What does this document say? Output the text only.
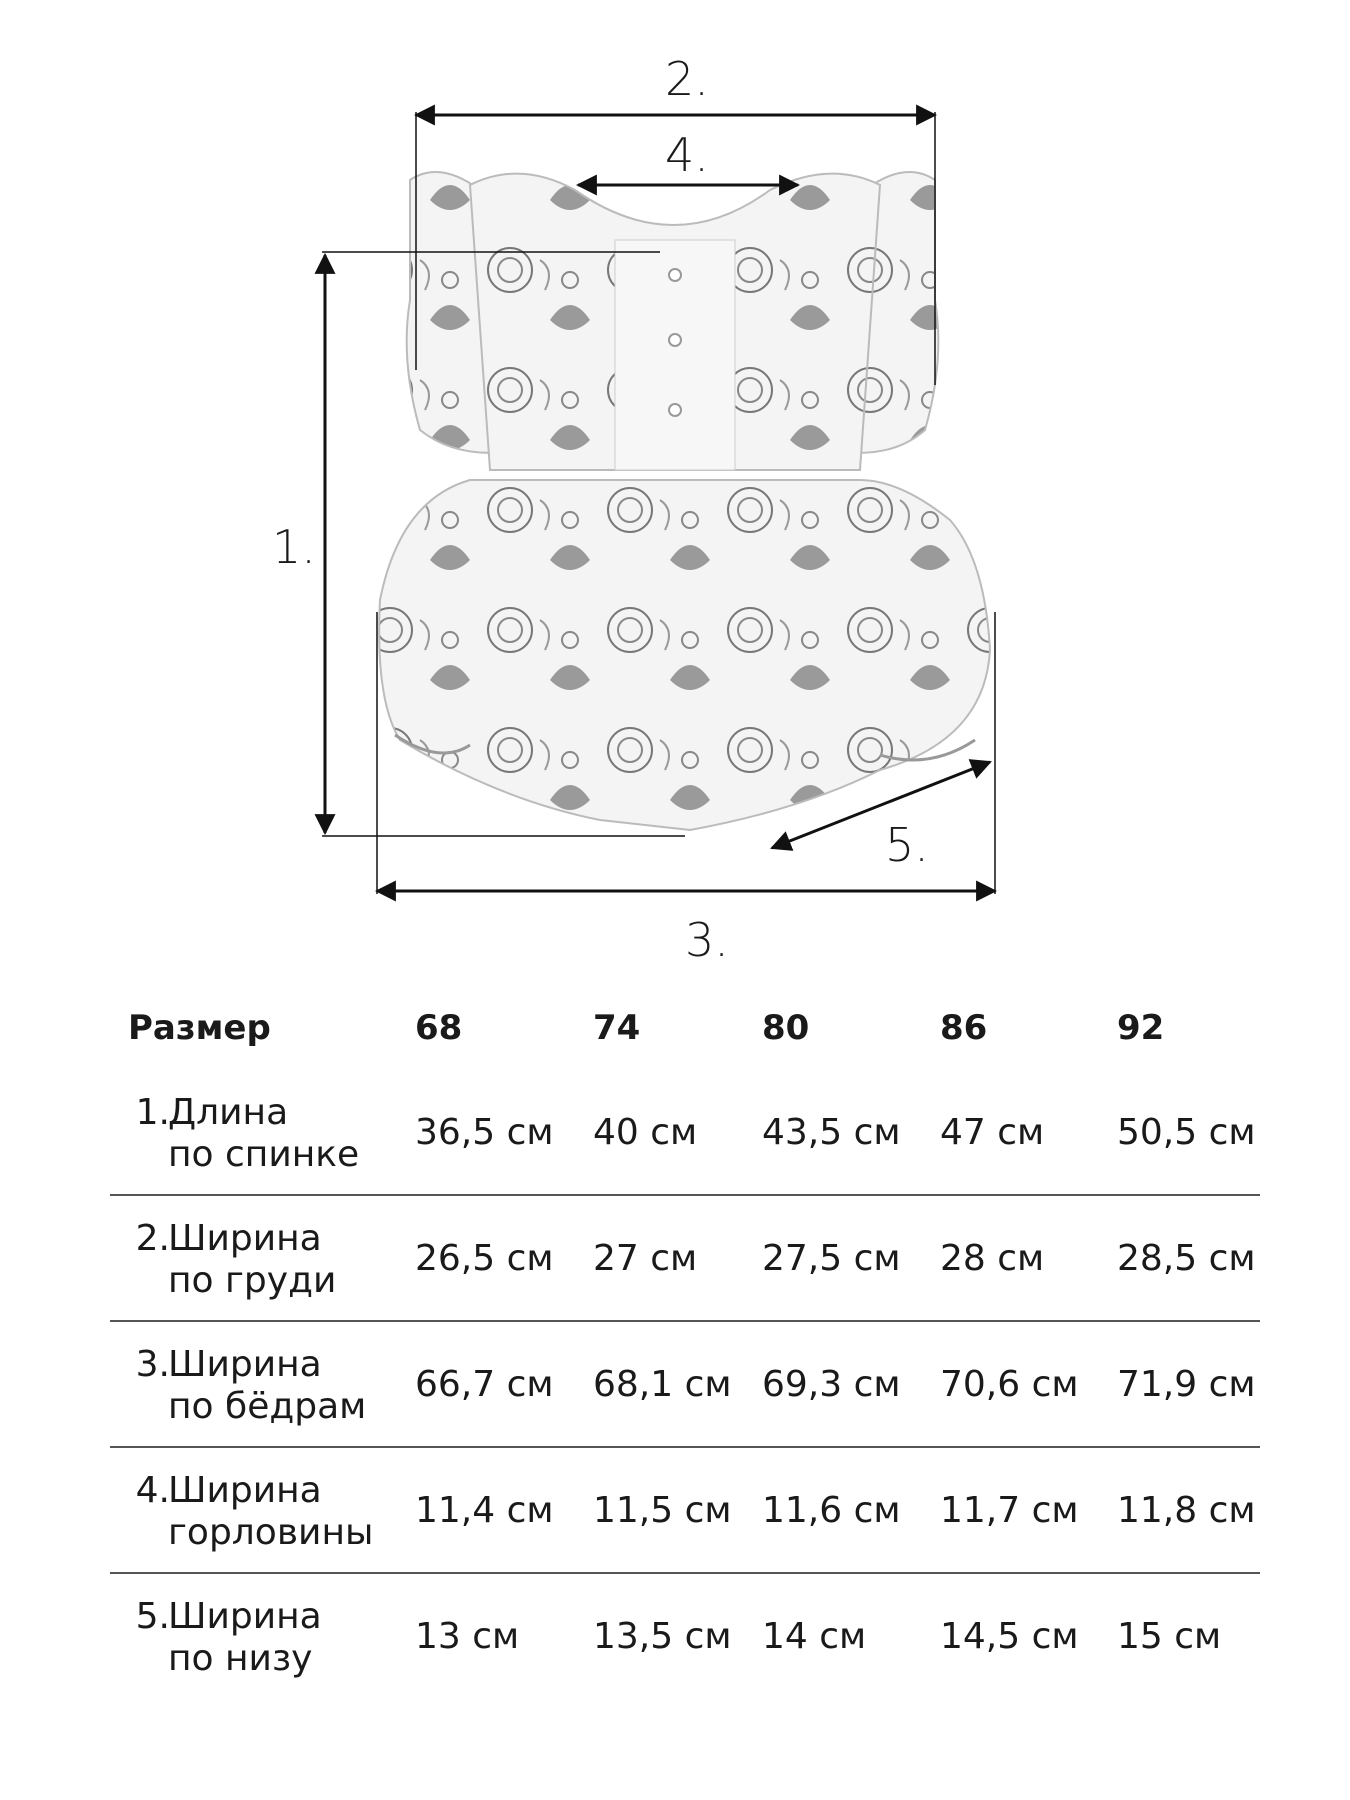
2.
4.
1.
5.
3.
Размер	68	74	80	86	92
1.
Длина
по спинке
36,5 см 40 см 43,5 см 47 см 50,5 см
2.
Ширина
по груди
26,5 см 27 см 27,5 см 28 см 28,5 см
3.
Ширина
по бёдрам
66,7 см 68,1 см 69,3 см 70,6 см 71,9 см
4.
Ширина
горловины
11,4 см 11,5 см 11,6 см 11,7 см 11,8 см
5.
Ширина
по низу
13 см 13,5 см 14 см 14,5 см 15 см
